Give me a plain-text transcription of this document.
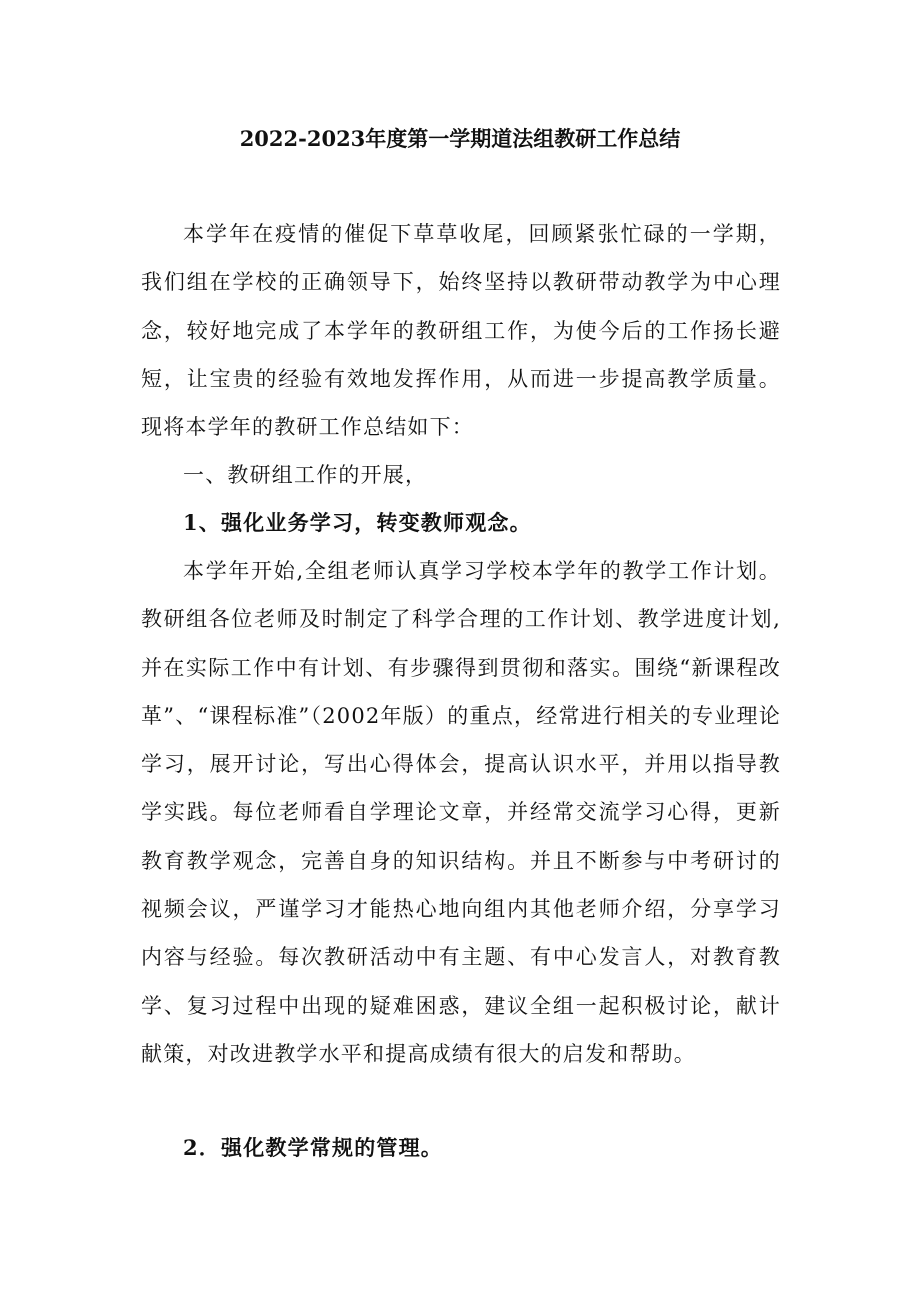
2022-2023年度第一学期道法组教研工作总结

本学年在疫情的催促下草草收尾，回顾紧张忙碌的一学期，我们组在学校的正确领导下，始终坚持以教研带动教学为中心理念，较好地完成了本学年的教研组工作，为使今后的工作扬长避短，让宝贵的经验有效地发挥作用，从而进一步提高教学质量。现将本学年的教研工作总结如下：

一、教研组工作的开展，

1、强化业务学习，转变教师观念。

本学年开始,全组老师认真学习学校本学年的教学工作计划。教研组各位老师及时制定了科学合理的工作计划、教学进度计划,并在实际工作中有计划、有步骤得到贯彻和落实。围绕“新课程改革”、“课程标准”（2002年版）的重点，经常进行相关的专业理论学习，展开讨论，写出心得体会，提高认识水平，并用以指导教学实践。每位老师看自学理论文章，并经常交流学习心得，更新教育教学观念，完善自身的知识结构。并且不断参与中考研讨的视频会议，严谨学习才能热心地向组内其他老师介绍，分享学习内容与经验。每次教研活动中有主题、有中心发言人，对教育教学、复习过程中出现的疑难困惑，建议全组一起积极讨论，献计献策，对改进教学水平和提高成绩有很大的启发和帮助。

2．强化教学常规的管理。
